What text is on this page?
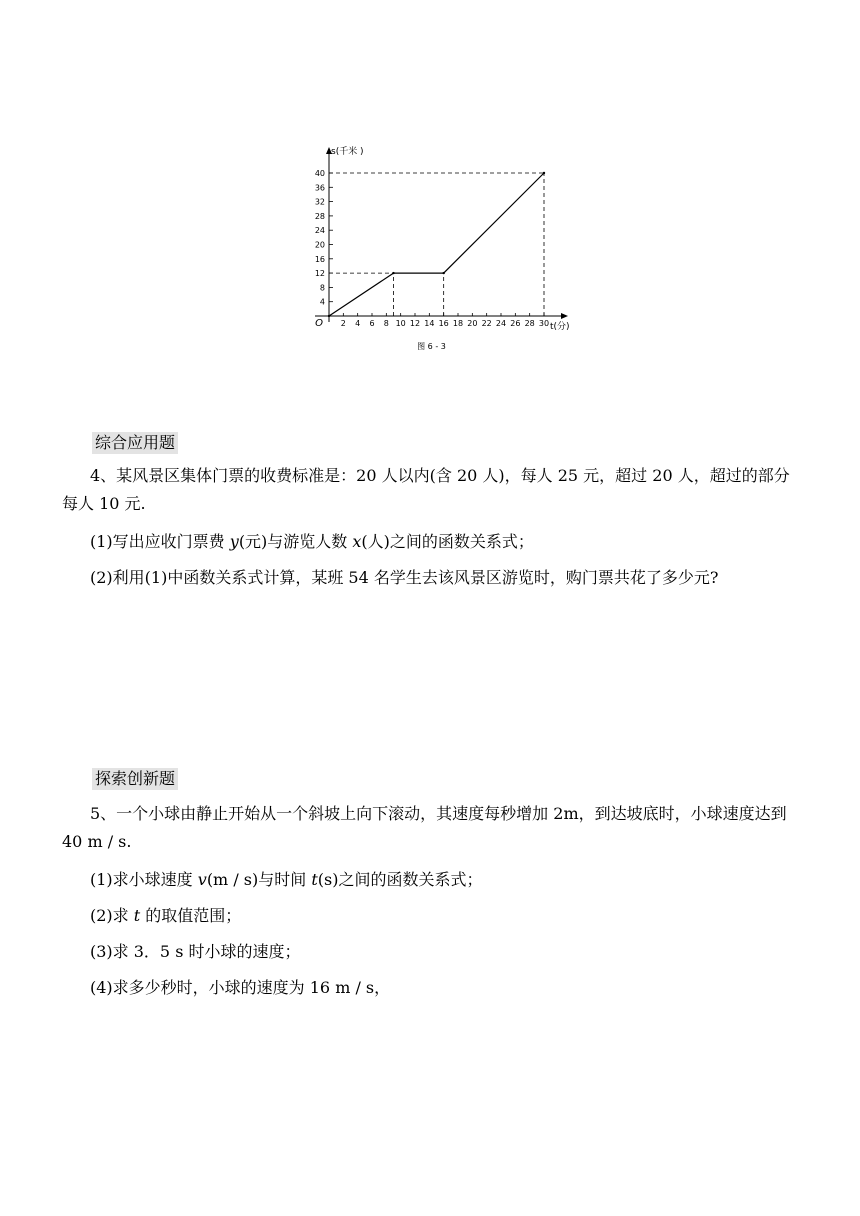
4
8
12
16
20
24
28
32
36
40
2 4 6 8 10 12 14 16 18 20 22 24 26 28 30
O
s(千米 )
t(分)
图 6 - 3
综合应用题
4、某风景区集体门票的收费标准是：20 人以内(含 20 人)，每人 25 元，超过 20 人，超过的部分每人 10 元.
(1)写出应收门票费 y(元)与游览人数 x(人)之间的函数关系式；
(2)利用(1)中函数关系式计算，某班 54 名学生去该风景区游览时，购门票共花了多少元?
探索创新题
5、一个小球由静止开始从一个斜坡上向下滚动，其速度每秒增加 2m，到达坡底时，小球速度达到 40 m / s.
(1)求小球速度 v(m / s)与时间 t(s)之间的函数关系式；
(2)求 t 的取值范围；
(3)求 3．5 s 时小球的速度；
(4)求多少秒时，小球的速度为 16 m / s，
